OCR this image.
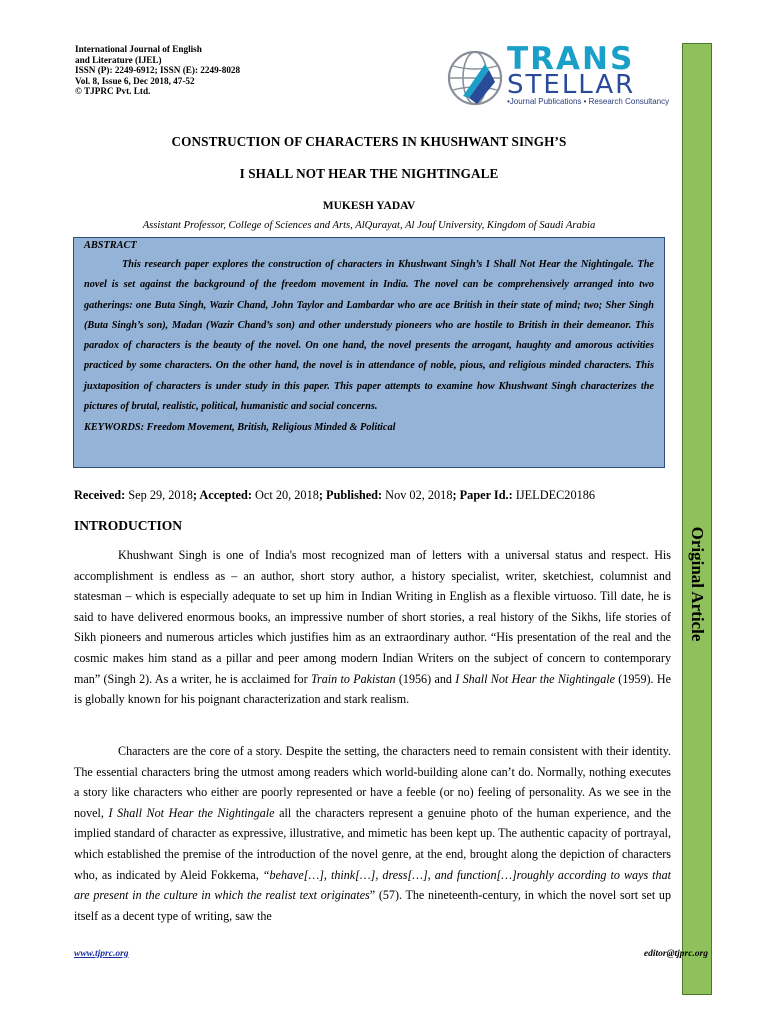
International Journal of English
and Literature (IJEL)
ISSN (P): 2249-6912; ISSN (E): 2249-8028
Vol. 8, Issue 6, Dec 2018, 47-52
© TJPRC Pvt. Ltd.
TRANS
STELLAR
•Journal Publications • Research Consultancy
Original Article
CONSTRUCTION OF CHARACTERS IN KHUSHWANT SINGH’S
I SHALL NOT HEAR THE NIGHTINGALE
MUKESH YADAV
Assistant Professor, College of Sciences and Arts, AlQurayat, Al Jouf University, Kingdom of Saudi Arabia
ABSTRACT
This research paper explores the construction of characters in Khushwant Singh’s I Shall Not Hear the Nightingale. The novel is set against the background of the freedom movement in India. The novel can be comprehensively arranged into two gatherings: one Buta Singh, Wazir Chand, John Taylor and Lambardar who are ace British in their state of mind; two; Sher Singh (Buta Singh’s son), Madan (Wazir Chand’s son) and other understudy pioneers who are hostile to British in their demeanor. This paradox of characters is the beauty of the novel. On one hand, the novel presents the arrogant, haughty and amorous activities practiced by some characters. On the other hand, the novel is in attendance of noble, pious, and religious minded characters. This juxtaposition of characters is under study in this paper. This paper attempts to examine how Khushwant Singh characterizes the pictures of brutal, realistic, political, humanistic and social concerns.
KEYWORDS: Freedom Movement, British, Religious Minded & Political
Received: Sep 29, 2018; Accepted: Oct 20, 2018; Published: Nov 02, 2018; Paper Id.: IJELDEC20186
INTRODUCTION

Khushwant Singh is one of India's most recognized man of letters with a universal status and respect. His accomplishment is endless as – an author, short story author, a history specialist, writer, sketchiest, columnist and statesman – which is especially adequate to set up him in Indian Writing in English as a flexible virtuoso. Till date, he is said to have delivered enormous books, an impressive number of short stories, a real history of the Sikhs, life stories of Sikh pioneers and numerous articles which justifies him as an extraordinary author. “His presentation of the real and the cosmic makes him stand as a pillar and peer among modern Indian Writers on the subject of concern to contemporary man” (Singh 2). As a writer, he is acclaimed for Train to Pakistan (1956) and I Shall Not Hear the Nightingale (1959). He is globally known for his poignant characterization and stark realism.

Characters are the core of a story. Despite the setting, the characters need to remain consistent with their identity. The essential characters bring the utmost among readers which world-building alone can’t do. Normally, nothing executes a story like characters who either are poorly represented or have a feeble (or no) feeling of personality. As we see in the novel, I Shall Not Hear the Nightingale all the characters represent a genuine photo of the human experience, and the implied standard of character as expressive, illustrative, and mimetic has been kept up. The authentic capacity of portrayal, which established the premise of the introduction of the novel genre, at the end, brought along the depiction of characters who, as indicated by Aleid Fokkema, “behave[…], think[…], dress[…], and function[…]roughly according to ways that are present in the culture in which the realist text originates” (57). The nineteenth-century, in which the novel sort set up itself as a decent type of writing, saw the

www.tjprc.org	editor@tjprc.org
